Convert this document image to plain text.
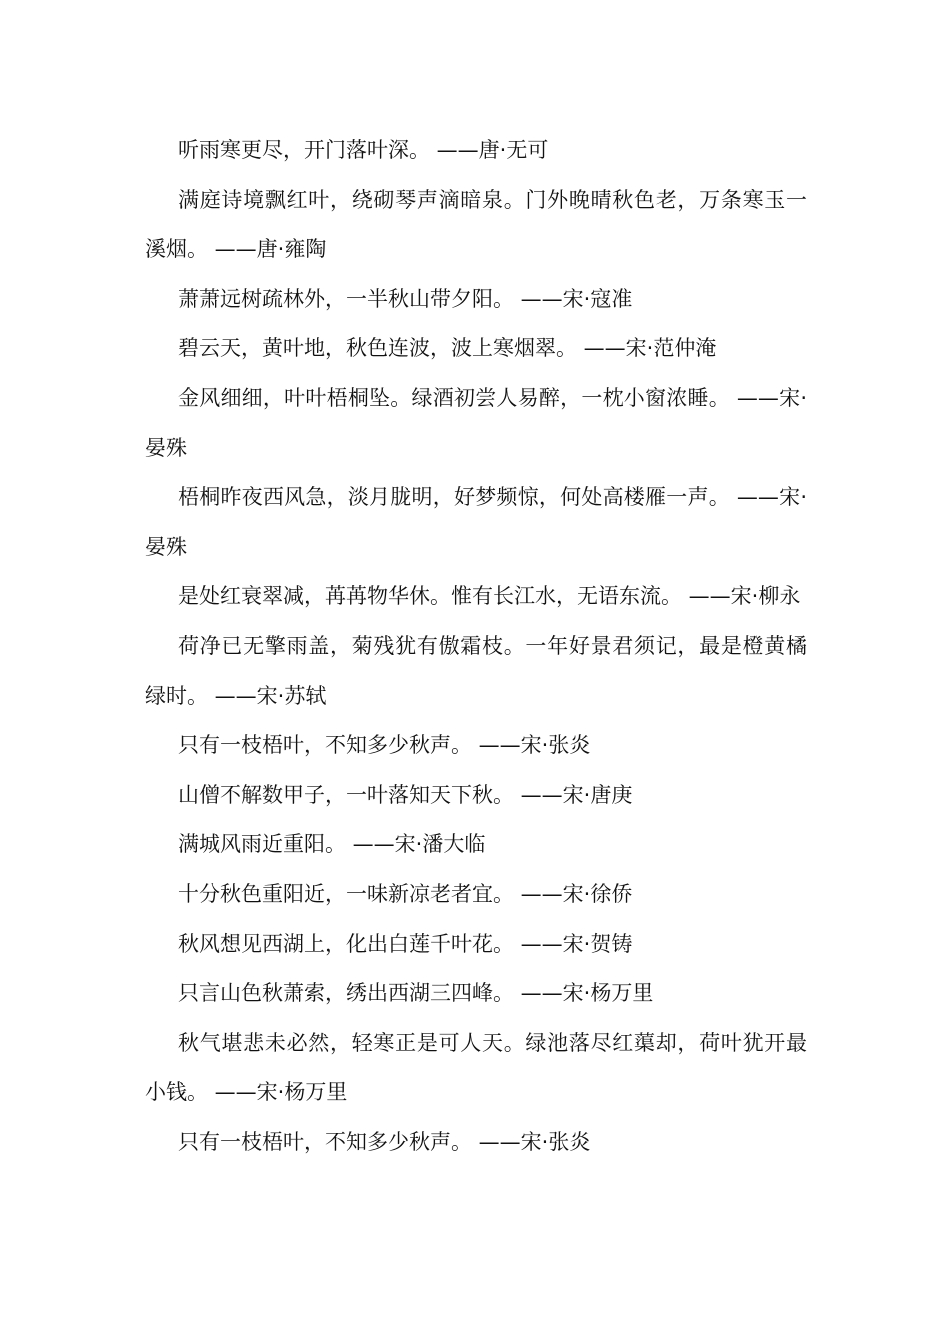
听雨寒更尽，开门落叶深。 ——唐·无可

满庭诗境飘红叶，绕砌琴声滴暗泉。门外晚晴秋色老，万条寒玉一溪烟。 ——唐·雍陶

萧萧远树疏林外，一半秋山带夕阳。 ——宋·寇准

碧云天，黄叶地，秋色连波，波上寒烟翠。 ——宋·范仲淹

金风细细，叶叶梧桐坠。绿酒初尝人易醉，一枕小窗浓睡。 ——宋·晏殊

梧桐昨夜西风急，淡月胧明，好梦频惊，何处高楼雁一声。 ——宋·晏殊

是处红衰翠减，苒苒物华休。惟有长江水，无语东流。 ——宋·柳永

荷净已无擎雨盖，菊残犹有傲霜枝。一年好景君须记，最是橙黄橘绿时。 ——宋·苏轼

只有一枝梧叶，不知多少秋声。 ——宋·张炎

山僧不解数甲子，一叶落知天下秋。 ——宋·唐庚

满城风雨近重阳。 ——宋·潘大临

十分秋色重阳近，一味新凉老者宜。 ——宋·徐侨

秋风想见西湖上，化出白莲千叶花。 ——宋·贺铸

只言山色秋萧索，绣出西湖三四峰。 ——宋·杨万里

秋气堪悲未必然，轻寒正是可人天。绿池落尽红蕖却，荷叶犹开最小钱。 ——宋·杨万里

只有一枝梧叶，不知多少秋声。 ——宋·张炎
